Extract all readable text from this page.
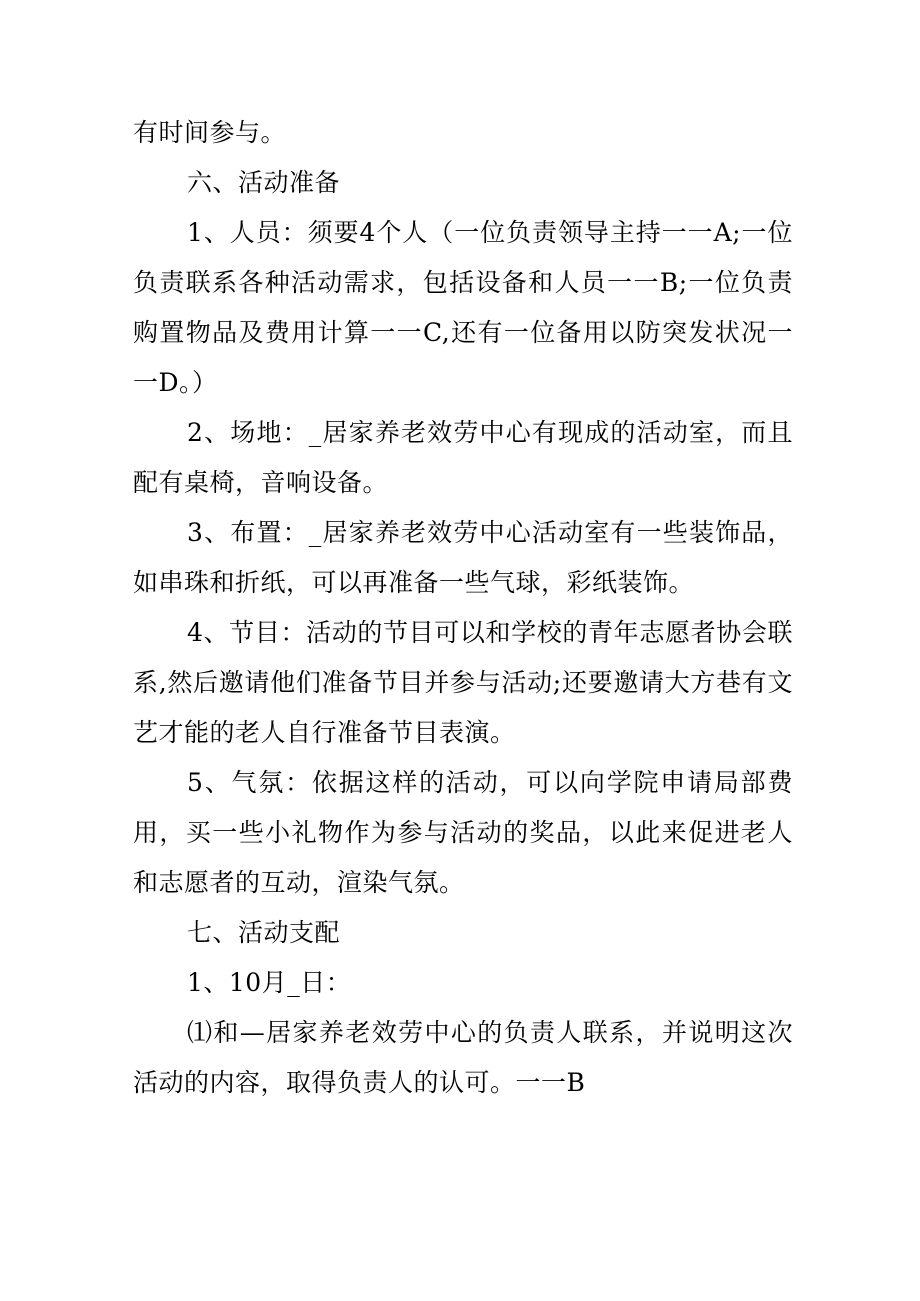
有时间参与。

六、活动准备

1、人员：须要4个人（一位负责领导主持一一A;一位负责联系各种活动需求，包括设备和人员一一B;一位负责购置物品及费用计算一一C,还有一位备用以防突发状况一一D。）

2、场地：_居家养老效劳中心有现成的活动室，而且配有桌椅，音响设备。

3、布置：_居家养老效劳中心活动室有一些装饰品，如串珠和折纸，可以再准备一些气球，彩纸装饰。

4、节目：活动的节目可以和学校的青年志愿者协会联系,然后邀请他们准备节目并参与活动;还要邀请大方巷有文艺才能的老人自行准备节目表演。

5、气氛：依据这样的活动，可以向学院申请局部费用，买一些小礼物作为参与活动的奖品，以此来促进老人和志愿者的互动，渲染气氛。

七、活动支配

1、10月_日：

⑴和—居家养老效劳中心的负责人联系，并说明这次活动的内容，取得负责人的认可。一一B
